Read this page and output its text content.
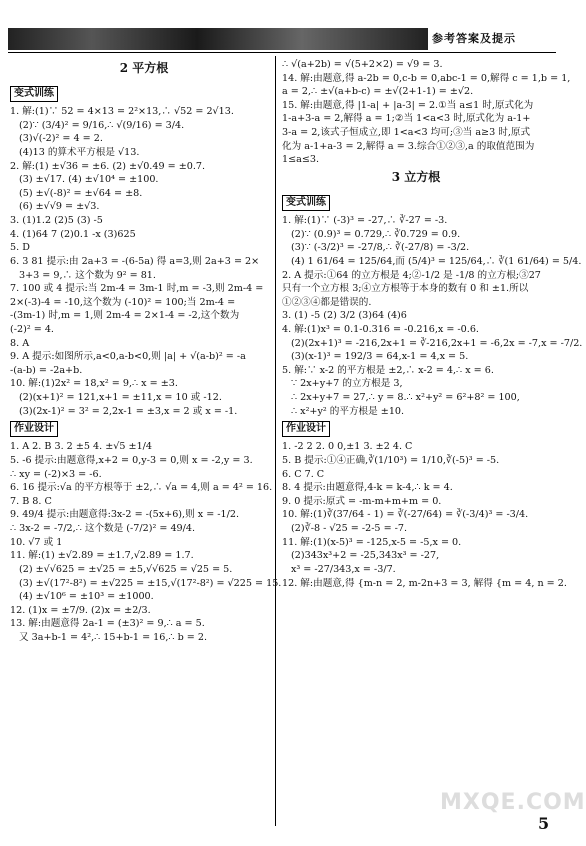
参考答案及提示
2 平方根
变式训练

1. 解:(1)∵ 52 = 4×13 = 2²×13,∴ √52 = 2√13.
(2)∵ (3/4)² = 9/16,∴ √(9/16) = 3/4.
(3)√(-2)² = 4 = 2.
(4)13 的算术平方根是 √13.
2. 解:(1) ±√36 = ±6. (2) ±√0.49 = ±0.7.
(3) ±√17. (4) ±√10⁴ = ±100.
(5) ±√(-8)² = ±√64 = ±8.
(6) ±√√9 = ±√3.
3. (1)1.2 (2)5 (3) -5
4. (1)64 7 (2)0.1 -x (3)625
5. D
6. 3 81 提示:由 2a+3 = -(6-5a) 得 a=3,则 2a+3 = 2×
3+3 = 9,∴ 这个数为 9² = 81.
7. 100 或 4 提示:当 2m-4 = 3m-1 时,m = -3,则 2m-4 =
2×(-3)-4 = -10,这个数为 (-10)² = 100;当 2m-4 =
-(3m-1) 时,m = 1,则 2m-4 = 2×1-4 = -2,这个数为
(-2)² = 4.
8. A
9. A 提示:如图所示,a<0,a-b<0,则 |a| + √(a-b)² = -a
-(a-b) = -2a+b.
10. 解:(1)2x² = 18,x² = 9,∴ x = ±3.
(2)(x+1)² = 121,x+1 = ±11,x = 10 或 -12.
(3)(2x-1)² = 3² = 2,2x-1 = ±3,x = 2 或 x = -1.
作业设计

1. A 2. B 3. 2 ±5 4. ±√5 ±1/4
5. -6 提示:由题意得,x+2 = 0,y-3 = 0,则 x = -2,y = 3.
∴ xy = (-2)×3 = -6.
6. 16 提示:√a 的平方根等于 ±2,∴ √a = 4,则 a = 4² = 16.
7. B 8. C
9. 49/4 提示:由题意得:3x-2 = -(5x+6),则 x = -1/2.
∴ 3x-2 = -7/2,∴ 这个数是 (-7/2)² = 49/4.
10. √7 或 1
11. 解:(1) ±√2.89 = ±1.7,√2.89 = 1.7.
(2) ±√√625 = ±√25 = ±5,√√625 = √25 = 5.
(3) ±√(17²-8²) = ±√225 = ±15,√(17²-8²) = √225 = 15.
(4) ±√10⁶ = ±10³ = ±1000.
12. (1)x = ±7/9. (2)x = ±2/3.
13. 解:由题意得 2a-1 = (±3)² = 9,∴ a = 5.
又 3a+b-1 = 4²,∴ 15+b-1 = 16,∴ b = 2.
∴ √(a+2b) = √(5+2×2) = √9 = 3.
14. 解:由题意,得 a-2b = 0,c-b = 0,abc-1 = 0,解得 c = 1,b = 1,
a = 2,∴ ±√(a+b-c) = ±√(2+1-1) = ±√2.
15. 解:由题意,得 |1-a| + |a-3| = 2.①当 a≤1 时,原式化为
1-a+3-a = 2,解得 a = 1;②当 1<a<3 时,原式化为 a-1+
3-a = 2,该式子恒成立,即 1<a<3 均可;③当 a≥3 时,原式
化为 a-1+a-3 = 2,解得 a = 3.综合①②③,a 的取值范围为
1≤a≤3.
3 立方根
变式训练

1. 解:(1)∵ (-3)³ = -27,∴ ∛-27 = -3.
(2)∵ (0.9)³ = 0.729,∴ ∛0.729 = 0.9.
(3)∵ (-3/2)³ = -27/8,∴ ∛(-27/8) = -3/2.
(4) 1 61/64 = 125/64,而 (5/4)³ = 125/64,∴ ∛(1 61/64) = 5/4.
2. A 提示:①64 的立方根是 4;②-1/2 是 -1/8 的立方根;③27
只有一个立方根 3;④立方根等于本身的数有 0 和 ±1.所以
①②③④都是错误的.
3. (1) -5 (2) 3/2 (3)64 (4)6
4. 解:(1)x³ = 0.1-0.316 = -0.216,x = -0.6.
(2)(2x+1)³ = -216,2x+1 = ∛-216,2x+1 = -6,2x = -7,x = -7/2.
(3)(x-1)³ = 192/3 = 64,x-1 = 4,x = 5.
5. 解:∵ x-2 的平方根是 ±2,∴ x-2 = 4,∴ x = 6.
∵ 2x+y+7 的立方根是 3,
∴ 2x+y+7 = 27,∴ y = 8.∴ x²+y² = 6²+8² = 100,
∴ x²+y² 的平方根是 ±10.
作业设计

1. -2 2 2. 0 0,±1 3. ±2 4. C
5. B 提示:①④正确,∛(1/10³) = 1/10,∛(-5)³ = -5.
6. C 7. C
8. 4 提示:由题意得,4-k = k-4,∴ k = 4.
9. 0 提示:原式 = -m-m+m+m = 0.
10. 解:(1)∛(37/64 - 1) = ∛(-27/64) = ∛(-3/4)³ = -3/4.
(2)∛-8 - √25 = -2-5 = -7.
11. 解:(1)(x-5)³ = -125,x-5 = -5,x = 0.
(2)343x³+2 = -25,343x³ = -27,
x³ = -27/343,x = -3/7.
12. 解:由题意,得 {m-n = 2, m-2n+3 = 3, 解得 {m = 4, n = 2.
MXQE.COM
5
